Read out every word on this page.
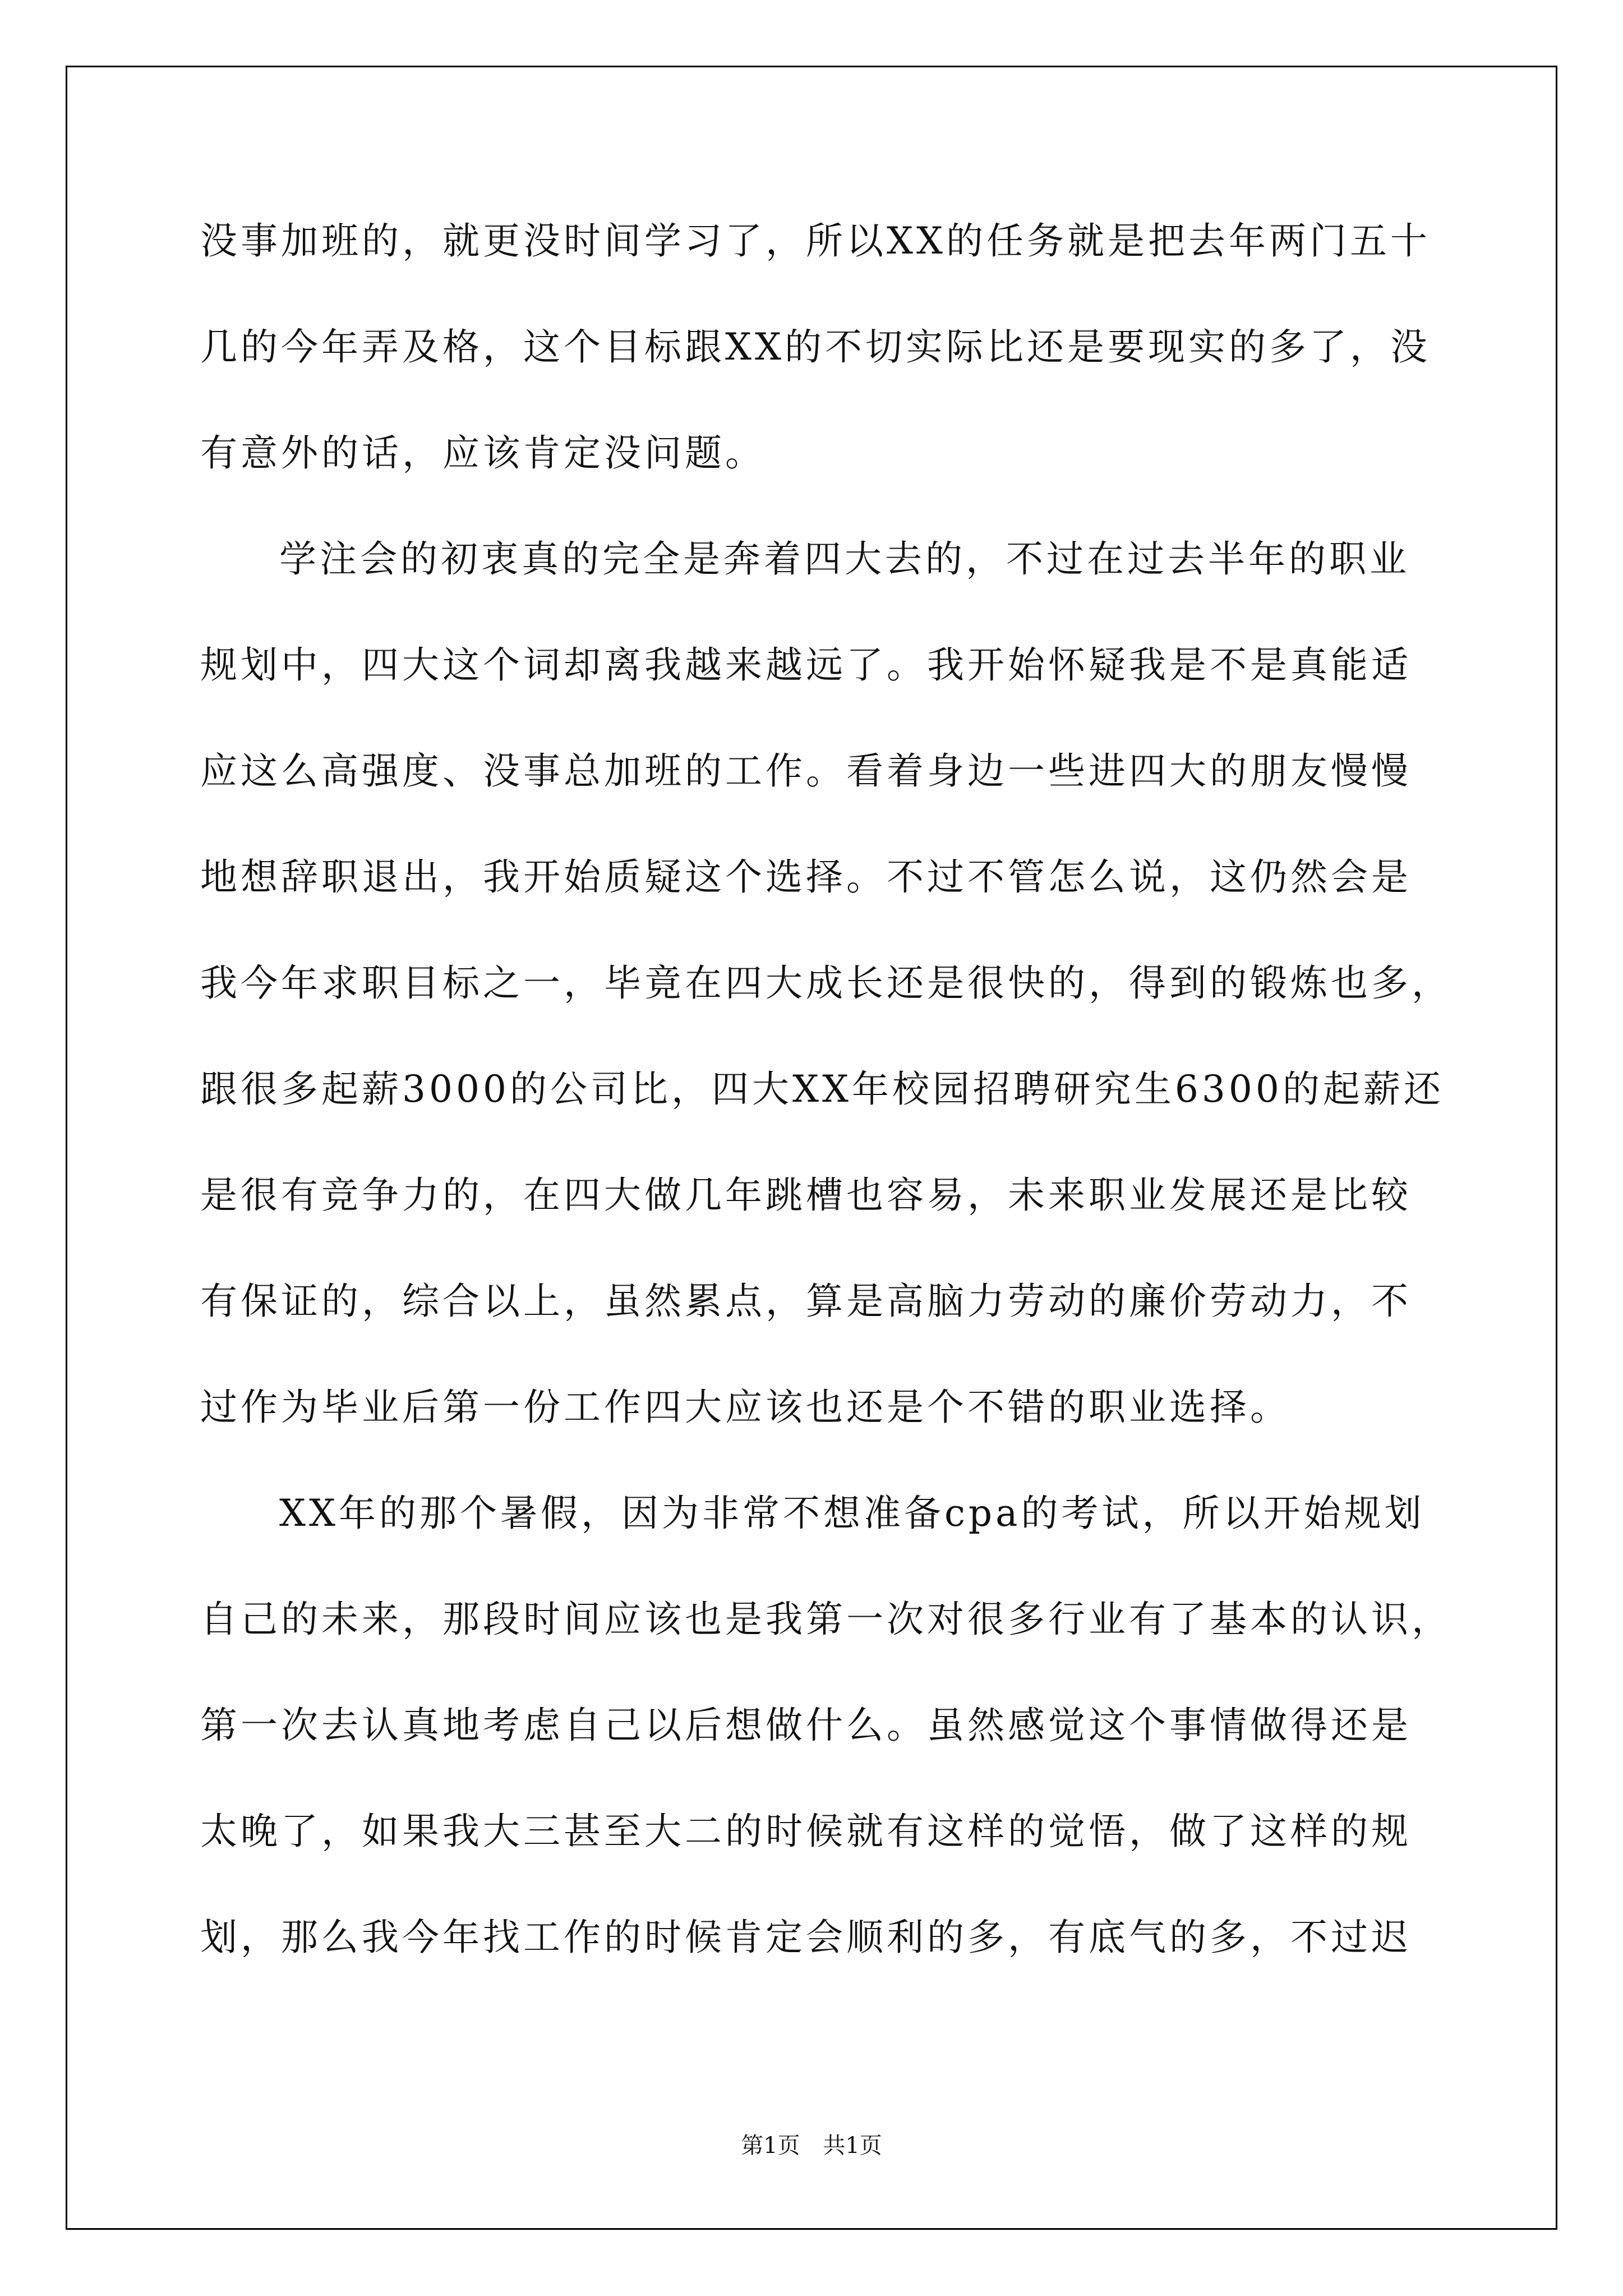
没事加班的，就更没时间学习了，所以XX的任务就是把去年两门五十
几的今年弄及格，这个目标跟XX的不切实际比还是要现实的多了，没
有意外的话，应该肯定没问题。
学注会的初衷真的完全是奔着四大去的，不过在过去半年的职业
规划中，四大这个词却离我越来越远了。我开始怀疑我是不是真能适
应这么高强度、没事总加班的工作。看着身边一些进四大的朋友慢慢
地想辞职退出，我开始质疑这个选择。不过不管怎么说，这仍然会是
我今年求职目标之一，毕竟在四大成长还是很快的，得到的锻炼也多，
跟很多起薪3000的公司比，四大XX年校园招聘研究生6300的起薪还
是很有竞争力的，在四大做几年跳槽也容易，未来职业发展还是比较
有保证的，综合以上，虽然累点，算是高脑力劳动的廉价劳动力，不
过作为毕业后第一份工作四大应该也还是个不错的职业选择。
XX年的那个暑假，因为非常不想准备cpa的考试，所以开始规划
自己的未来，那段时间应该也是我第一次对很多行业有了基本的认识，
第一次去认真地考虑自己以后想做什么。虽然感觉这个事情做得还是
太晚了，如果我大三甚至大二的时候就有这样的觉悟，做了这样的规
划，那么我今年找工作的时候肯定会顺利的多，有底气的多，不过迟
第1页 共1页
